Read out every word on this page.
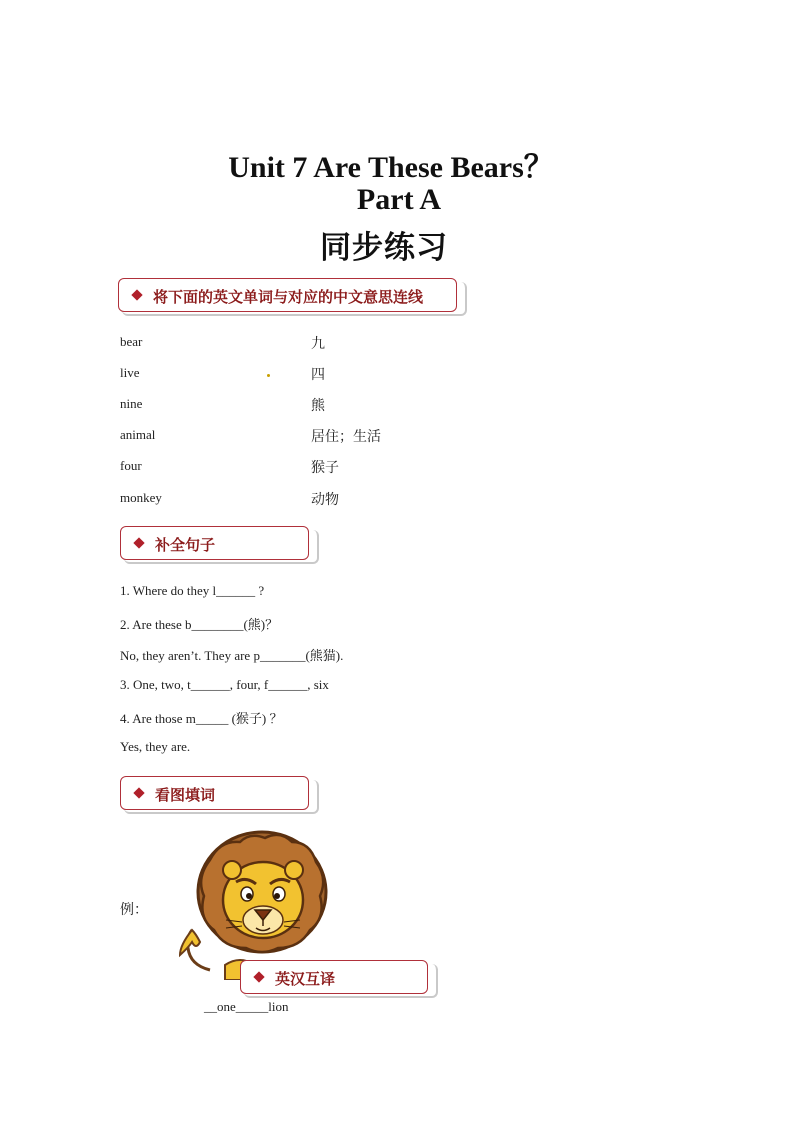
Unit 7 Are These Bears？
Part A
同步练习
将下面的英文单词与对应的中文意思连线
bear
live
nine
animal
four
monkey
九
四
熊
居住；生活
猴子
动物
补全句子
1. Where do they l______ ?
2. Are these b________(熊)？
No, they aren’t. They are p_______(熊猫).
3. One, two, t______, four, f______, six
4. Are those m_____ (猴子) ？
Yes, they are.
看图填词
例：
英汉互译
__one_____lion
